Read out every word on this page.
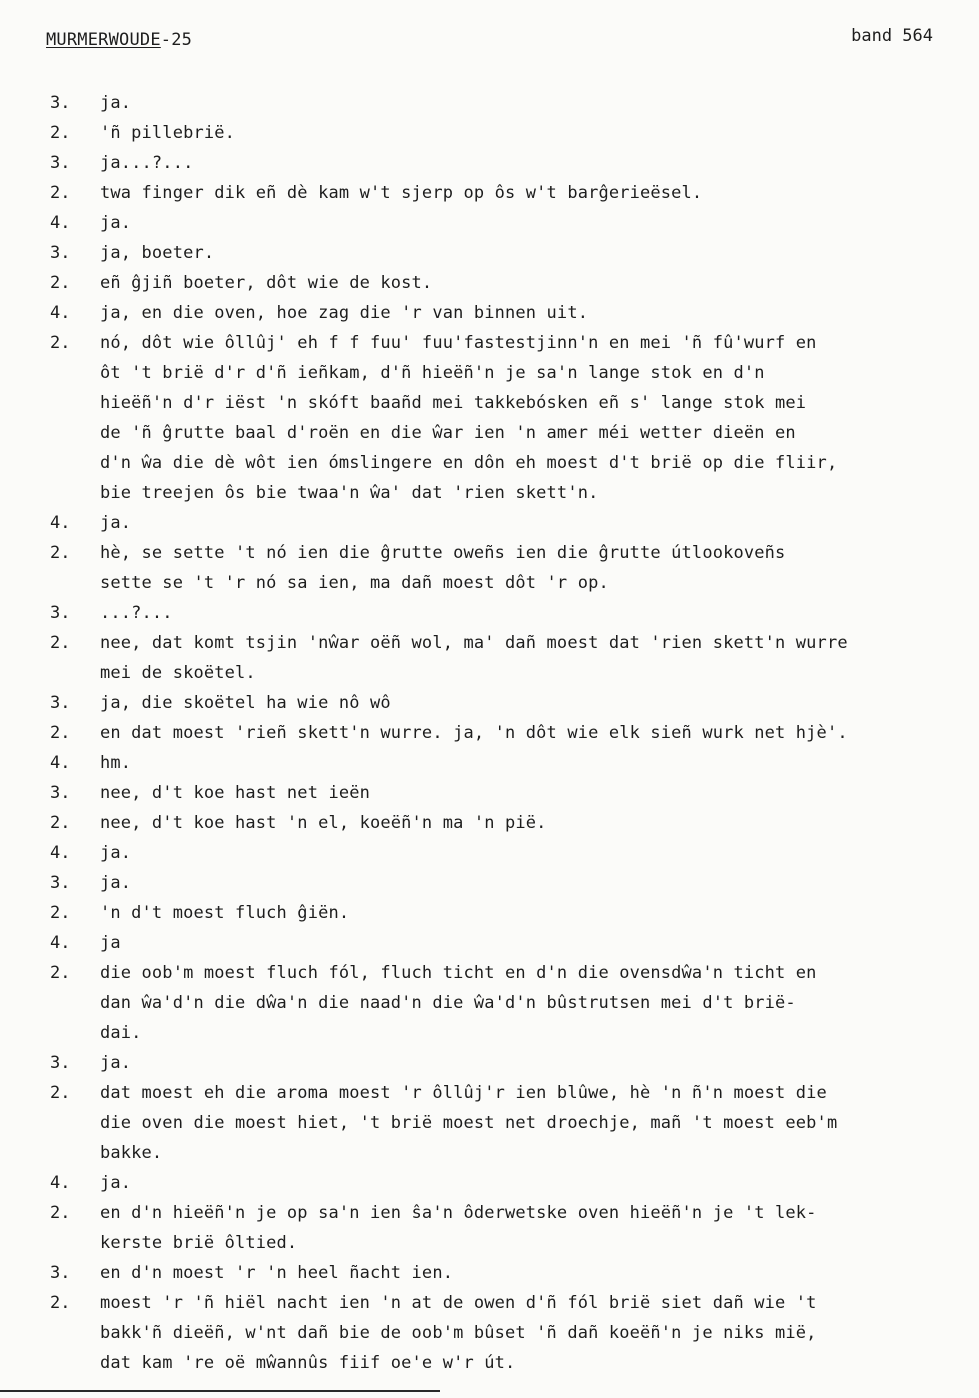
MURMERWOUDE-25	band 564
3.	ja.
2.	'ñ pillebrië.
3.	ja...?...
2.	twa finger dik eñ dè kam w't sjerp op ôs w't barĝerieësel.
4.	ja.
3.	ja, boeter.
2.	eñ ĝjiñ boeter, dôt wie de kost.
4.	ja, en die oven, hoe zag die 'r van binnen uit.
2.	nó, dôt wie ôllûj' eh f f fuu' fuu'fastestjinn'n en mei 'ñ fû'wurf en
ôt 't brië d'r d'ñ ieñkam, d'ñ hieëñ'n je sa'n lange stok en d'n
hieëñ'n d'r iëst 'n skóft baañd mei takkebósken eñ s' lange stok mei
de 'ñ ĝrutte baal d'roën en die ŵar ien 'n amer méi wetter dieën en
d'n ŵa die dè wôt ien ómslingere en dôn eh moest d't brië op die fliir,
bie treejen ôs bie twaa'n ŵa' dat 'rien skett'n.
4.	ja.
2.	hè, se sette 't nó ien die ĝrutte oweñs ien die ĝrutte útlookoveñs
sette se 't 'r nó sa ien, ma dañ moest dôt 'r op.
3.	...?...
2.	nee, dat komt tsjin 'nŵar oëñ wol, ma' dañ moest dat 'rien skett'n wurre
mei de skoëtel.
3.	ja, die skoëtel ha wie nô wô
2.	en dat moest 'rieñ skett'n wurre. ja, 'n dôt wie elk sieñ wurk net hjè'.
4.	hm.
3.	nee, d't koe hast net ieën
2.	nee, d't koe hast 'n el, koeëñ'n ma 'n pië.
4.	ja.
3.	ja.
2.	'n d't moest fluch ĝiën.
4.	ja
2.	die oob'm moest fluch fól, fluch ticht en d'n die ovensdŵa'n ticht en
dan ŵa'd'n die dŵa'n die naad'n die ŵa'd'n bûstrutsen mei d't brië-
dai.
3.	ja.
2.	dat moest eh die aroma moest 'r ôllûj'r ien blûwe, hè 'n ñ'n moest die
die oven die moest hiet, 't brië moest net droechje, mañ 't moest eeb'm
bakke.
4.	ja.
2.	en d'n hieëñ'n je op sa'n ien ŝa'n ôderwetske oven hieëñ'n je 't lek-
kerste brië ôltied.
3.	en d'n moest 'r 'n heel ñacht ien.
2.	moest 'r 'ñ hiël nacht ien 'n at de owen d'ñ fól brië siet dañ wie 't
bakk'ñ dieëñ, w'nt dañ bie de oob'm bûset 'ñ dañ koeëñ'n je niks mië,
dat kam 're oë mŵannûs fiif oe'e w'r út.
